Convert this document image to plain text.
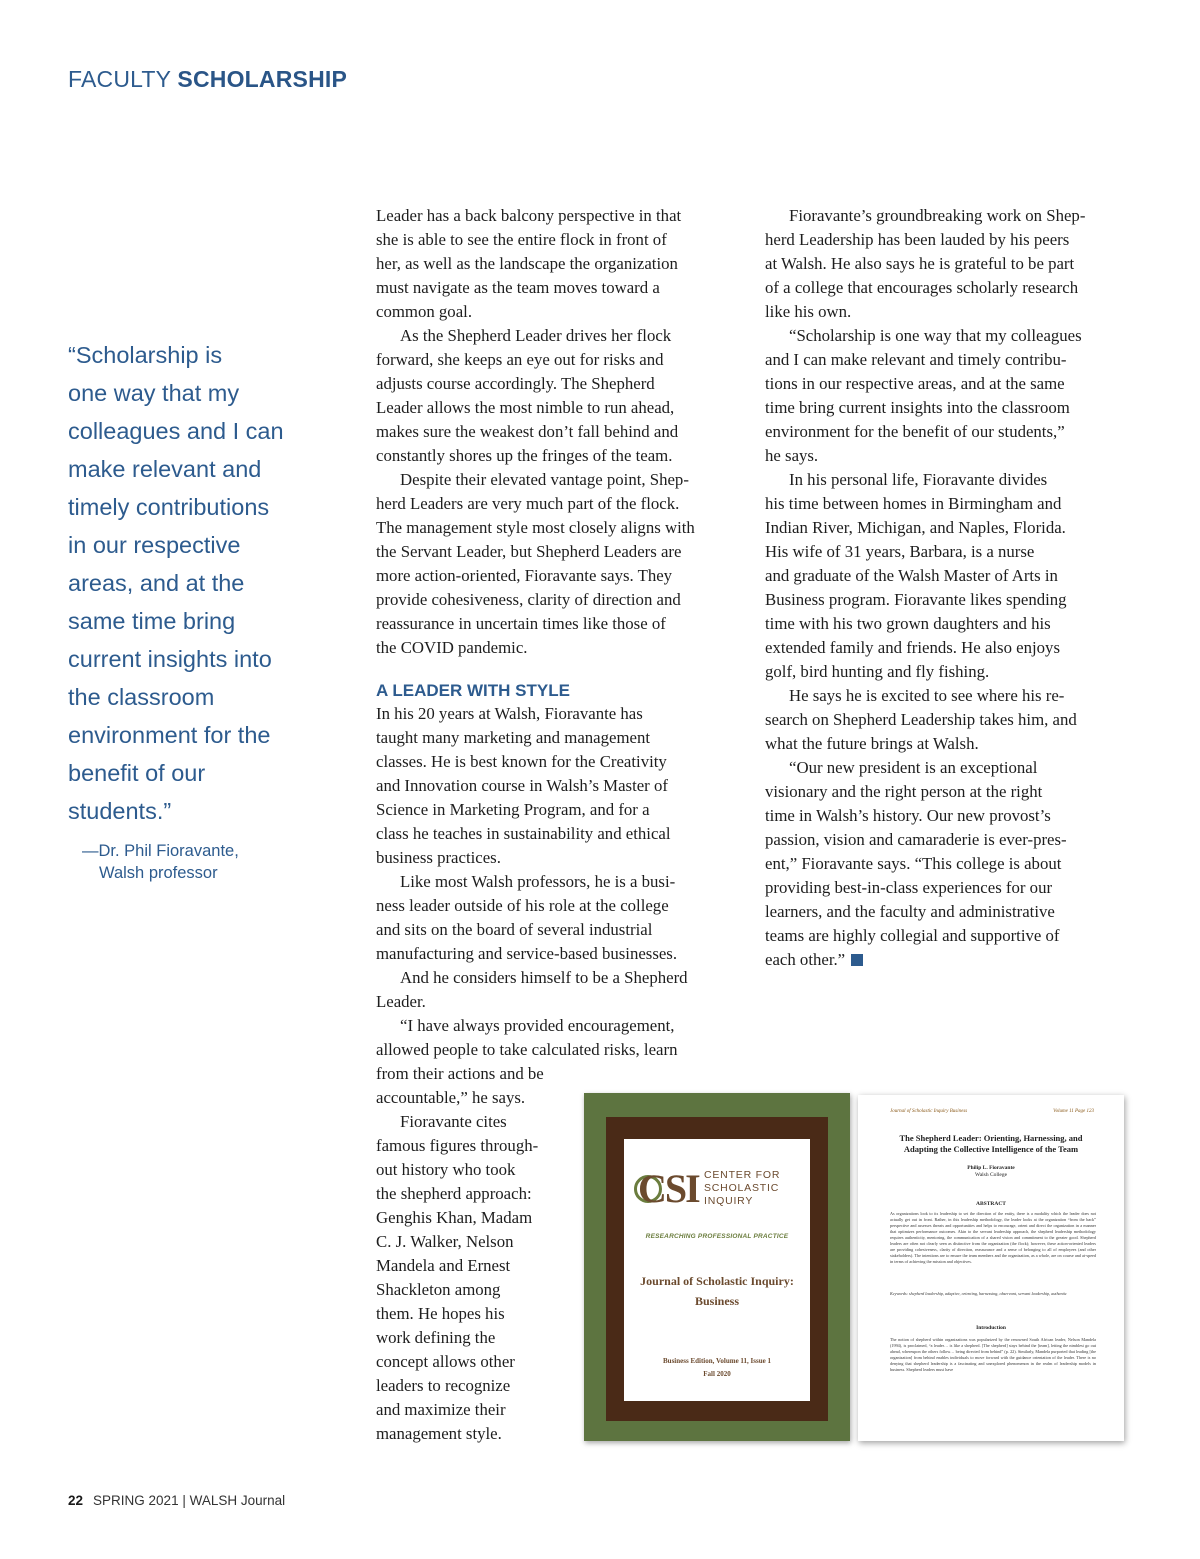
FACULTY SCHOLARSHIP
“Scholarship is
one way that my
colleagues and I can
make relevant and
timely contributions
in our respective
areas, and at the
same time bring
current insights into
the classroom
environment for the
benefit of our
students.”
—Dr. Phil Fioravante,
Walsh professor
Leader has a back balcony perspective in that
she is able to see the entire flock in front of
her, as well as the landscape the organization
must navigate as the team moves toward a
common goal.
As the Shepherd Leader drives her flock
forward, she keeps an eye out for risks and
adjusts course accordingly. The Shepherd
Leader allows the most nimble to run ahead,
makes sure the weakest don’t fall behind and
constantly shores up the fringes of the team.
Despite their elevated vantage point, Shep-
herd Leaders are very much part of the flock.
The management style most closely aligns with
the Servant Leader, but Shepherd Leaders are
more action-oriented, Fioravante says. They
provide cohesiveness, clarity of direction and
reassurance in uncertain times like those of
the COVID pandemic.
A LEADER WITH STYLE
In his 20 years at Walsh, Fioravante has
taught many marketing and management
classes. He is best known for the Creativity
and Innovation course in Walsh’s Master of
Science in Marketing Program, and for a
class he teaches in sustainability and ethical
business practices.
Like most Walsh professors, he is a busi-
ness leader outside of his role at the college
and sits on the board of several industrial
manufacturing and service-based businesses.
And he considers himself to be a Shepherd
Leader.
“I have always provided encouragement,
allowed people to take calculated risks, learn
from their actions and be
accountable,” he says.
Fioravante cites
famous figures through-
out history who took
the shepherd approach:
Genghis Khan, Madam
C. J. Walker, Nelson
Mandela and Ernest
Shackleton among
them. He hopes his
work defining the
concept allows other
leaders to recognize
and maximize their
management style.
Fioravante’s groundbreaking work on Shep-
herd Leadership has been lauded by his peers
at Walsh. He also says he is grateful to be part
of a college that encourages scholarly research
like his own.
“Scholarship is one way that my colleagues
and I can make relevant and timely contribu-
tions in our respective areas, and at the same
time bring current insights into the classroom
environment for the benefit of our students,”
he says.
In his personal life, Fioravante divides
his time between homes in Birmingham and
Indian River, Michigan, and Naples, Florida.
His wife of 31 years, Barbara, is a nurse
and graduate of the Walsh Master of Arts in
Business program. Fioravante likes spending
time with his two grown daughters and his
extended family and friends. He also enjoys
golf, bird hunting and fly fishing.
He says he is excited to see where his re-
search on Shepherd Leadership takes him, and
what the future brings at Walsh.
“Our new president is an exceptional
visionary and the right person at the right
time in Walsh’s history. Our new provost’s
passion, vision and camaraderie is ever-pres-
ent,” Fioravante says. “This college is about
providing best-in-class experiences for our
learners, and the faculty and administrative
teams are highly collegial and supportive of
each other.”
CSI CENTER FOR
SCHOLASTIC
INQUIRY
RESEARCHING PROFESSIONAL PRACTICE
Journal of Scholastic Inquiry:
Business
Business Edition, Volume 11, Issue 1
Fall 2020
Journal of Scholastic Inquiry Business	Volume 11 Page 123
The Shepherd Leader: Orienting, Harnessing, and
Adapting the Collective Intelligence of the Team
Philip L. Fioravante
Walsh College
ABSTRACT
As organizations look to its leadership to set the direction of the entity, there is a modality which the leader does not actually get out in front. Rather, in this leadership methodology, the leader looks at the organization “from the back” perspective and assesses threats and opportunities and helps to encourage, orient and direct the organization in a manner that optimizes performance outcomes. Akin to the servant leadership approach, the shepherd leadership methodology requires authenticity, mentoring, the communication of a shared vision and commitment to the greater good. Shepherd leaders are often not clearly seen as distinctive from the organization (the flock); however, these action-oriented leaders are providing cohesiveness, clarity of direction, reassurance and a sense of belonging to all of employees (and other stakeholders). The intentions are to ensure the team members and the organization, as a whole, are on course and at-speed in terms of achieving the mission and objectives.
Keywords: shepherd leadership, adaptive, orienting, harnessing, observant, servant leadership, authentic
Introduction
The notion of shepherd within organizations was popularized by the renowned South African leader, Nelson Mandela (1994), is proclaimed, “a leader… is like a shepherd. [The shepherd] stays behind the [team], letting the nimblest go out ahead, whereupon the others follow… being directed from behind” (p. 22). Similarly, Mandela purported that leading [the organization] from behind enables individuals to move forward with the guidance orientation of the leader. There is no denying that shepherd leadership is a fascinating and unexplored phenomenon in the realm of leadership models in business. Shepherd leaders must have
22 SPRING 2021 | WALSH Journal
